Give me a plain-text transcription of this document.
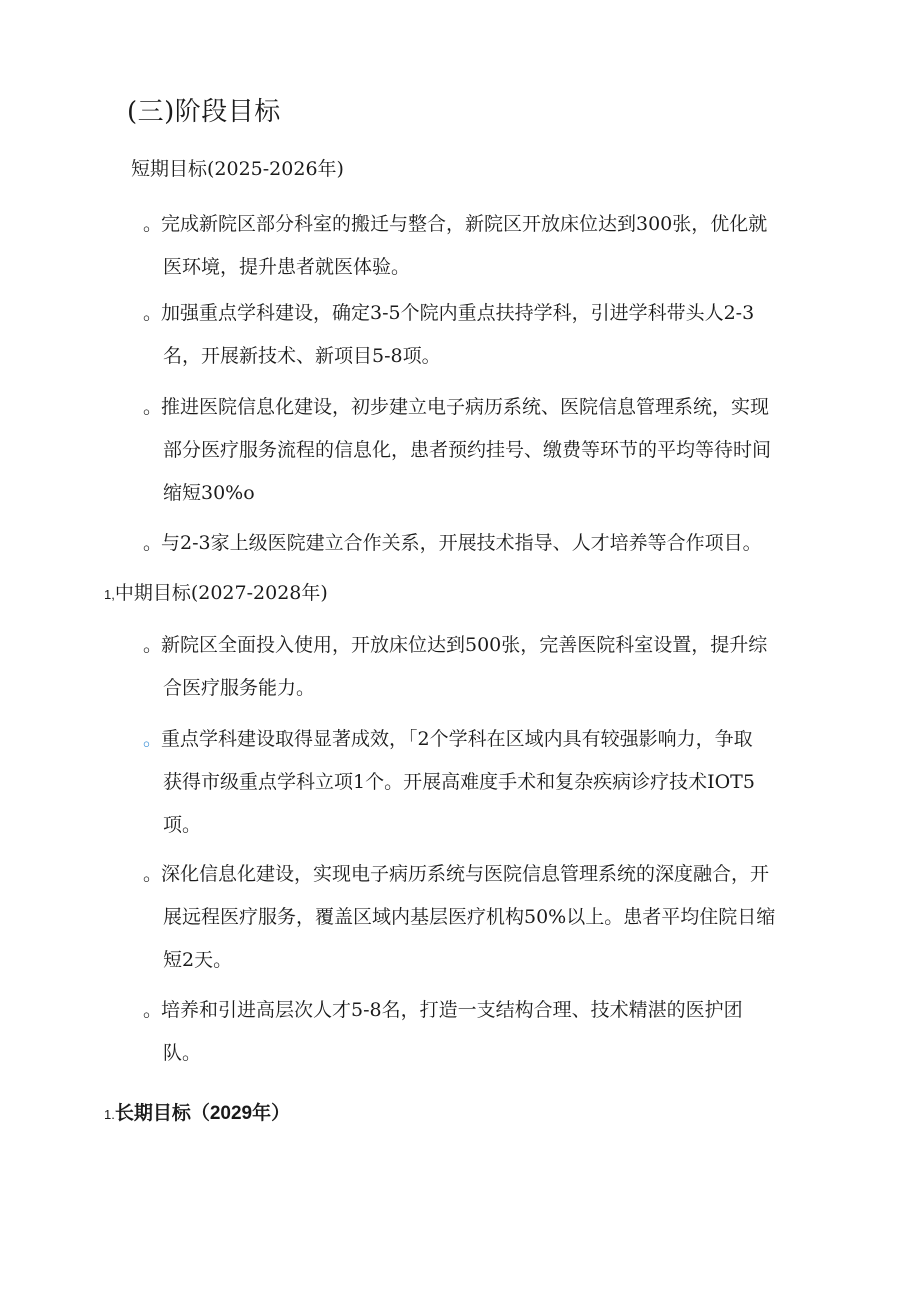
(三)阶段目标
短期目标(2025-2026年)
。完成新院区部分科室的搬迁与整合，新院区开放床位达到300张，优化就
医环境，提升患者就医体验。
。加强重点学科建设，确定3-5个院内重点扶持学科，引进学科带头人2-3
名，开展新技术、新项目5-8项。
。推进医院信息化建设，初步建立电子病历系统、医院信息管理系统，实现
部分医疗服务流程的信息化，患者预约挂号、缴费等环节的平均等待时间
缩短30%o
。与2-3家上级医院建立合作关系，开展技术指导、人才培养等合作项目。
1,中期目标(2027-2028年)
。新院区全面投入使用，开放床位达到500张，完善医院科室设置，提升综
合医疗服务能力。
。重点学科建设取得显著成效，「2个学科在区域内具有较强影响力，争取
获得市级重点学科立项1个。开展高难度手术和复杂疾病诊疗技术IOT5
项。
。深化信息化建设，实现电子病历系统与医院信息管理系统的深度融合，开
展远程医疗服务，覆盖区域内基层医疗机构50%以上。患者平均住院日缩
短2天。
。培养和引进高层次人才5-8名，打造一支结构合理、技术精湛的医护团
队。
1.长期目标（2029年）
